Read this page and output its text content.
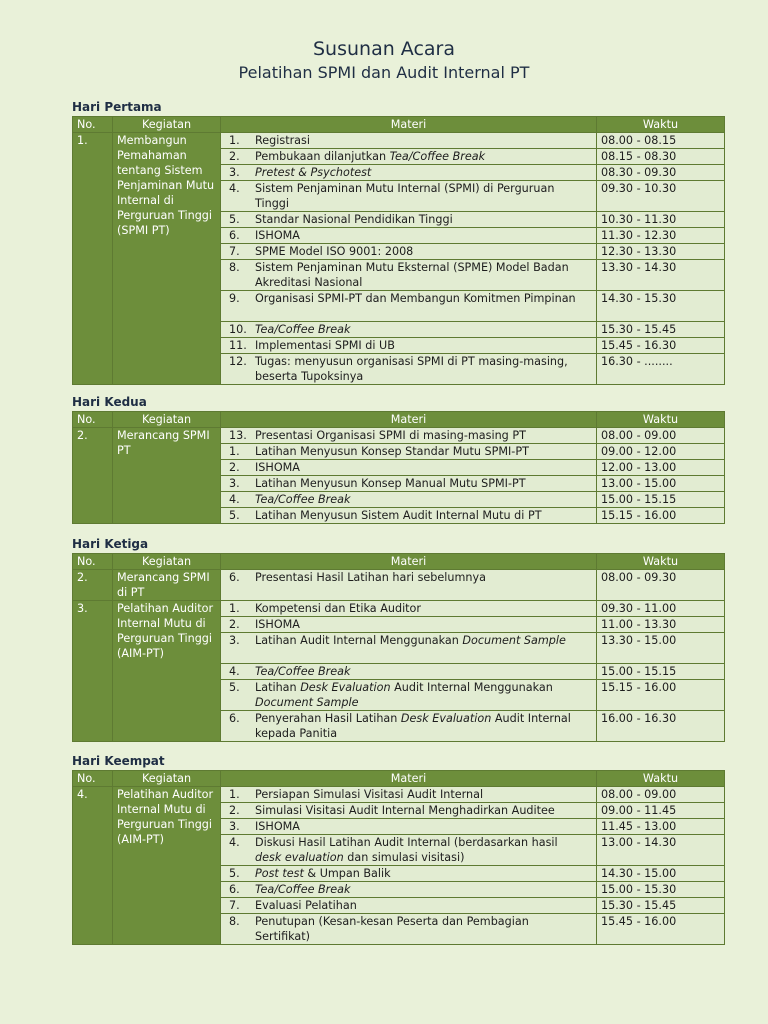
Susunan Acara
Pelatihan SPMI dan Audit Internal PT
Hari Pertama
No.	Kegiatan	Materi	Waktu
1.	Membangun Pemahaman tentang Sistem Penjaminan Mutu Internal di Perguruan Tinggi (SPMI PT)	1. Registrasi	08.00 - 08.15
		2. Pembukaan dilanjutkan Tea/Coffee Break	08.15 - 08.30
		3. Pretest & Psychotest	08.30 - 09.30
		4. Sistem Penjaminan Mutu Internal (SPMI) di Perguruan Tinggi	09.30 - 10.30
		5. Standar Nasional Pendidikan Tinggi	10.30 - 11.30
		6. ISHOMA	11.30 - 12.30
		7. SPME Model ISO 9001: 2008	12.30 - 13.30
		8. Sistem Penjaminan Mutu Eksternal (SPME) Model Badan Akreditasi Nasional	13.30 - 14.30
		9. Organisasi SPMI-PT dan Membangun Komitmen Pimpinan	14.30 - 15.30
		10. Tea/Coffee Break	15.30 - 15.45
		11. Implementasi SPMI di UB	15.45 - 16.30
		12. Tugas: menyusun organisasi SPMI di PT masing-masing, beserta Tupoksinya	16.30 - ........
Hari Kedua
No.	Kegiatan	Materi	Waktu
2.	Merancang SPMI PT	13. Presentasi Organisasi SPMI di masing-masing PT	08.00 - 09.00
		1. Latihan Menyusun Konsep Standar Mutu SPMI-PT	09.00 - 12.00
		2. ISHOMA	12.00 - 13.00
		3. Latihan Menyusun Konsep Manual Mutu SPMI-PT	13.00 - 15.00
		4. Tea/Coffee Break	15.00 - 15.15
		5. Latihan Menyusun Sistem Audit Internal Mutu di PT	15.15 - 16.00
Hari Ketiga
No.	Kegiatan	Materi	Waktu
2.	Merancang SPMI di PT	6. Presentasi Hasil Latihan hari sebelumnya	08.00 - 09.30
3.	Pelatihan Auditor Internal Mutu di Perguruan Tinggi (AIM-PT)	1. Kompetensi dan Etika Auditor	09.30 - 11.00
		2. ISHOMA	11.00 - 13.30
		3. Latihan Audit Internal Menggunakan Document Sample	13.30 - 15.00
		4. Tea/Coffee Break	15.00 - 15.15
		5. Latihan Desk Evaluation Audit Internal Menggunakan Document Sample	15.15 - 16.00
		6. Penyerahan Hasil Latihan Desk Evaluation Audit Internal kepada Panitia	16.00 - 16.30
Hari Keempat
No.	Kegiatan	Materi	Waktu
4.	Pelatihan Auditor Internal Mutu di Perguruan Tinggi (AIM-PT)	1. Persiapan Simulasi Visitasi Audit Internal	08.00 - 09.00
		2. Simulasi Visitasi Audit Internal Menghadirkan Auditee	09.00 - 11.45
		3. ISHOMA	11.45 - 13.00
		4. Diskusi Hasil Latihan Audit Internal (berdasarkan hasil desk evaluation dan simulasi visitasi)	13.00 - 14.30
		5. Post test & Umpan Balik	14.30 - 15.00
		6. Tea/Coffee Break	15.00 - 15.30
		7. Evaluasi Pelatihan	15.30 - 15.45
		8. Penutupan (Kesan-kesan Peserta dan Pembagian Sertifikat)	15.45 - 16.00
